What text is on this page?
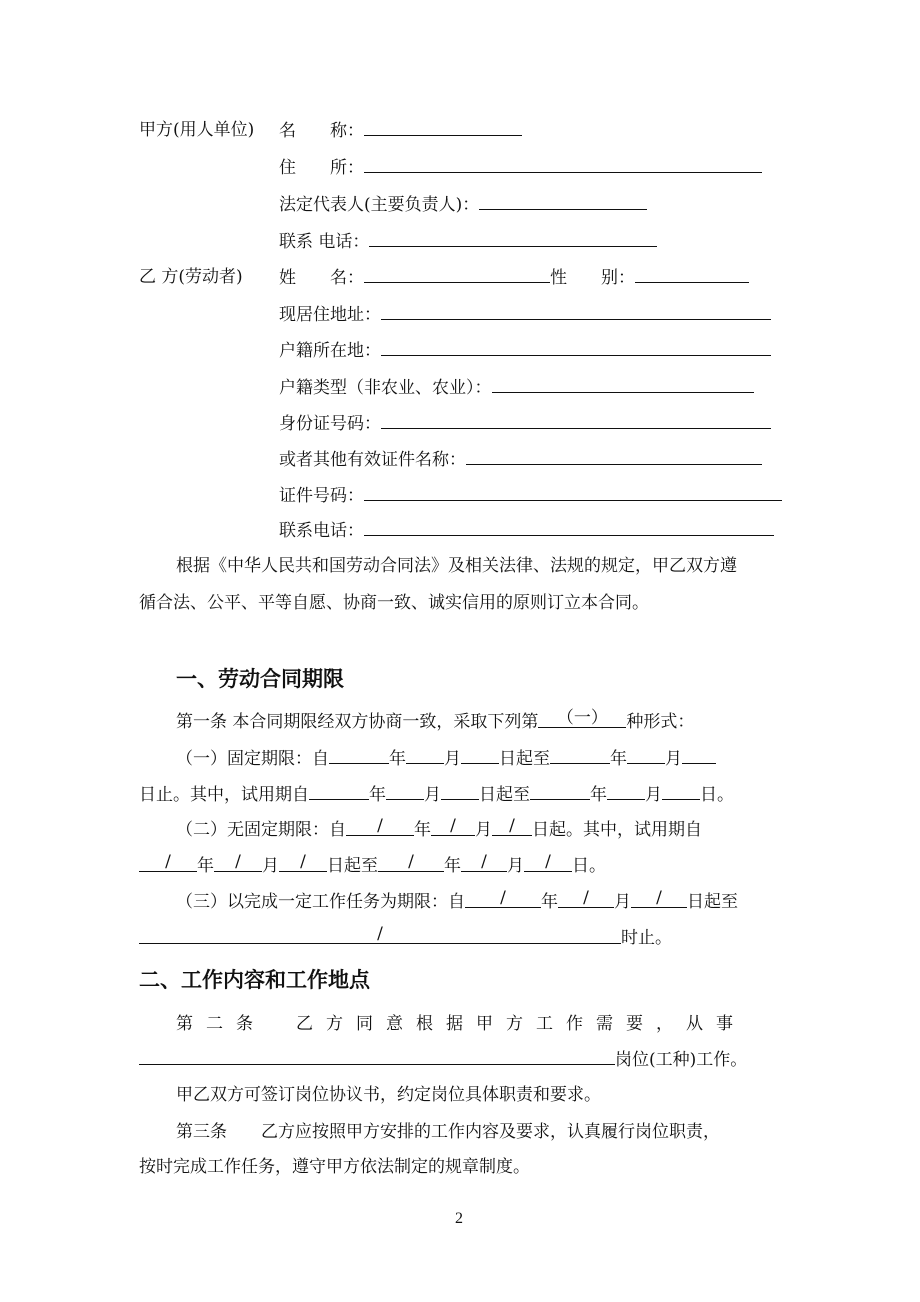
甲方(用人单位) 名　　称：
住　　所：
法定代表人(主要负责人)：
联系 电话：
乙 方(劳动者) 姓　　名：	性　　别：
现居住地址：
户籍所在地：
户籍类型（非农业、农业）：
身份证号码：
或者其他有效证件名称：
证件号码：
联系电话：
根据《中华人民共和国劳动合同法》及相关法律、法规的规定，甲乙双方遵
循合法、公平、平等自愿、协商一致、诚实信用的原则订立本合同。
一、劳动合同期限
第一条 本合同期限经双方协商一致，采取下列第 （一） 种形式：
（一）固定期限：自	年 月 日起至	年 月
日止。其中，试用期自	年 月 日起至	年 月 日。
（二）无固定期限：自 / 年 / 月 / 日起。其中，试用期自
/ 年 / 月 / 日起至 / 年 / 月 / 日。
（三）以完成一定工作任务为期限：自 / 年 / 月 / 日起至
/	时止。
二、工作内容和工作地点
第二条　乙方同意根据甲方工作需要，从事
岗位(工种)工作。
甲乙双方可签订岗位协议书，约定岗位具体职责和要求。
第三条　　乙方应按照甲方安排的工作内容及要求，认真履行岗位职责，
按时完成工作任务，遵守甲方依法制定的规章制度。
2
